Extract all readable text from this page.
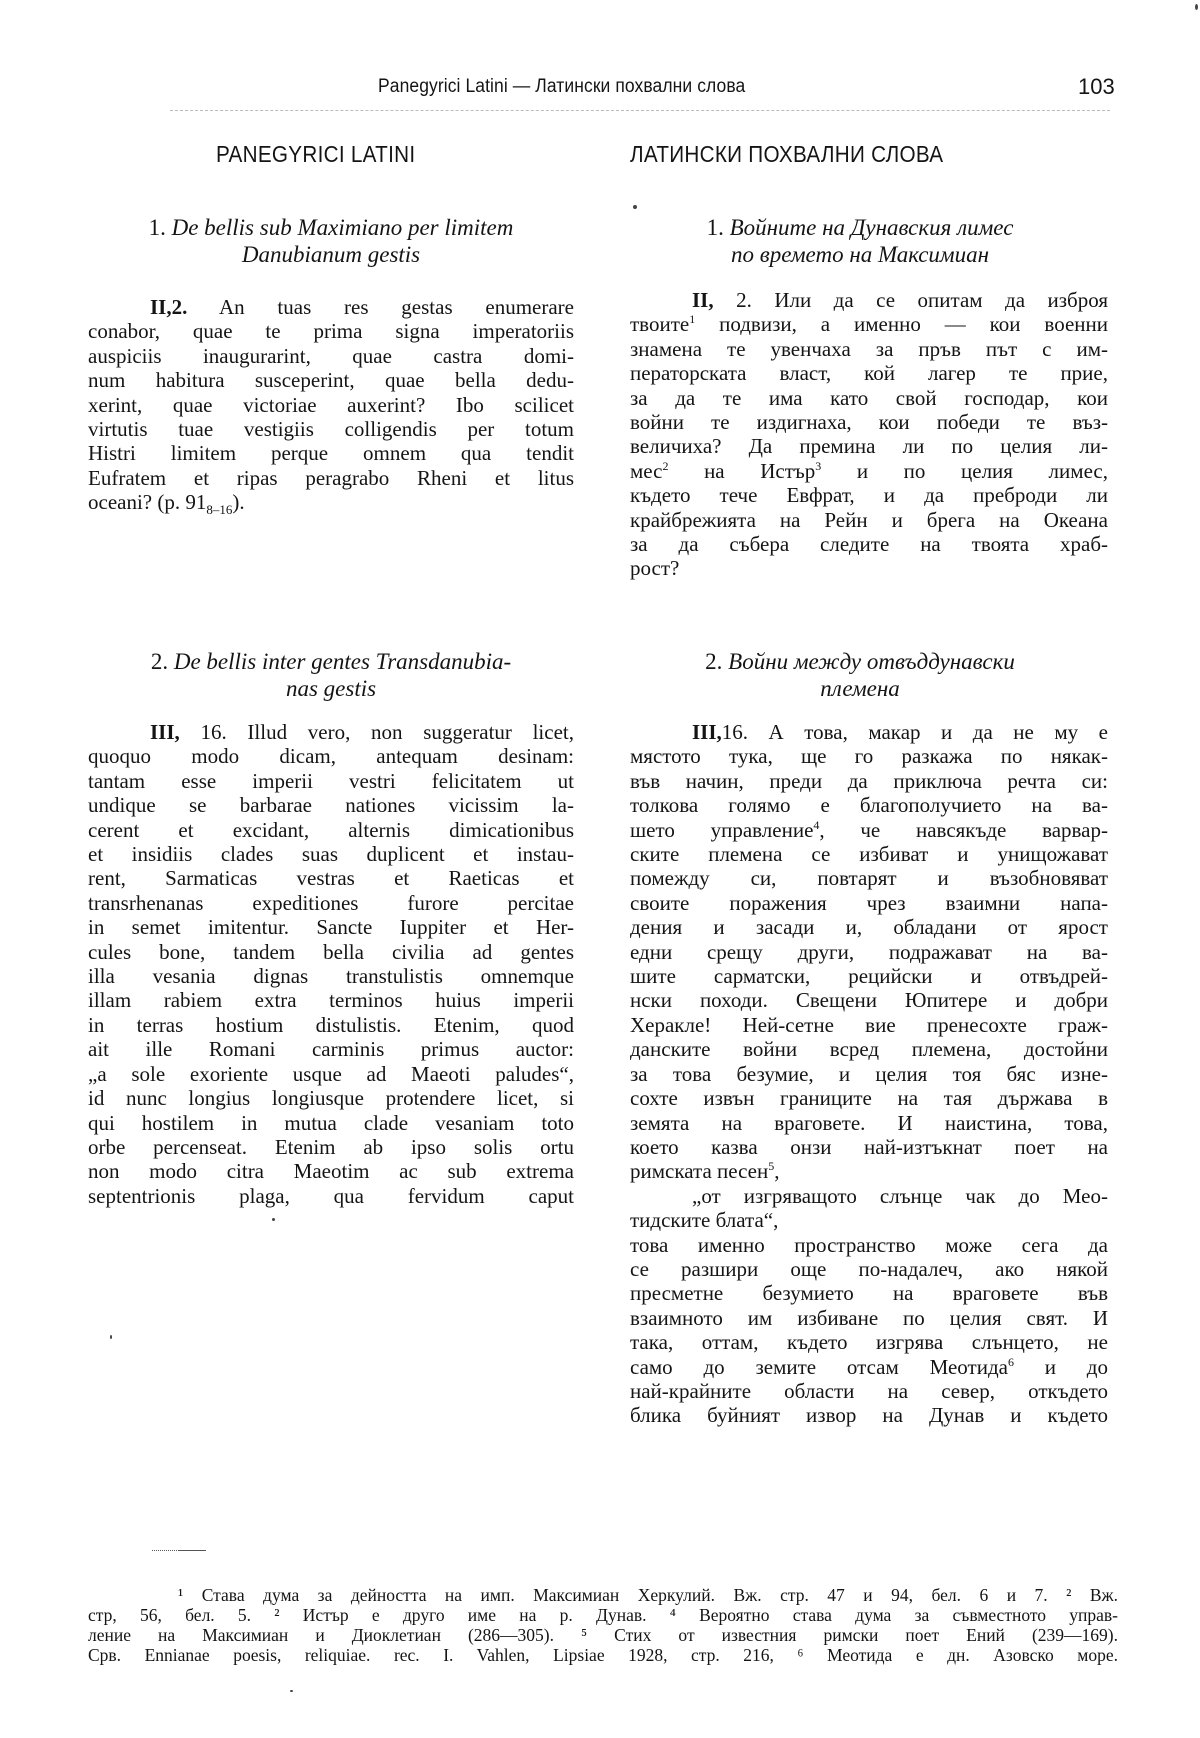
Panegyrici Latini — Латински похвални слова	103
PANEGYRICI LATINI
1. De bellis sub Maximiano per limitem
Danubianum gestis
II,2. An tuas res gestas enumerare
conabor, quae te prima signa imperatoriis
auspiciis inaugurarint, quae castra domi-
num habitura susceperint, quae bella dedu-
xerint, quae victoriae auxerint? Ibo scilicet
virtutis tuae vestigiis colligendis per totum
Histri limitem perque omnem qua tendit
Eufratem et ripas peragrabo Rheni et litus
oceani? (p. $91_{8-16}$).
2. De bellis inter gentes Transdanubia-
nas gestis
III, 16. Illud vero, non suggeratur licet,
quoquo modo dicam, antequam desinam:
tantam esse imperii vestri felicitatem ut
undique se barbarae nationes vicissim la-
cerent et excidant, alternis dimicationibus
et insidiis clades suas duplicent et instau-
rent, Sarmaticas vestras et Raeticas et
transrhenanas expeditiones furore percitae
in semet imitentur. Sancte Iuppiter et Her-
cules bone, tandem bella civilia ad gentes
illa vesania dignas transtulistis omnemque
illam rabiem extra terminos huius imperii
in terras hostium distulistis. Etenim, quod
ait ille Romani carminis primus auctor:
„a sole exoriente usque ad Maeoti paludes“,
id nunc longius longiusque protendere licet, si
qui hostilem in mutua clade vesaniam toto
orbe percenseat. Etenim ab ipso solis ortu
non modo citra Maeotim ac sub extrema
septentrionis plaga, qua fervidum caput
ЛАТИНСКИ ПОХВАЛНИ СЛОВА
1. Войните на Дунавския лимес
по времето на Максимиан
II, 2. Или да се опитам да изброя
твоите$^1$ подвизи, а именно — кои военни
знамена те увенчаха за пръв път с им-
ператорската власт, кой лагер те прие,
за да те има като свой господар, кои
войни те издигнаха, кои победи те въз-
величиха? Да премина ли по целия ли-
мес$^2$ на Истър$^3$ и по целия лимес,
където тече Евфрат, и да преброди ли
крайбрежията на Рейн и брега на Океана
за да събера следите на твоята храб-
рост?
2. Войни между отвъддунавски
племена
III,16. А това, макар и да не му е
мястото тука, ще го разкажа по някак-
във начин, преди да приключа речта си:
толкова голямо е благополучието на ва-
шето управление$^4$, че навсякъде варвар-
ските племена се избиват и унищожават
помежду си, повтарят и възобновяват
своите поражения чрез взаимни напа-
дения и засади и, обладани от ярост
едни срещу други, подражават на ва-
шите сарматски, рецийски и отвъдрей-
нски походи. Свещени Юпитере и добри
Херакле! Ней-сетне вие пренесохте граж-
данските войни всред племена, достойни
за това безумие, и целия тоя бяс изне-
сохте извън границите на тая държава в
земята на враговете. И наистина, това,
което казва онзи най-изтъкнат поет на
римската песен$^5$,
„от изгряващото слънце чак до Мео-
тидските блата“,
това именно пространство може сега да
се разшири още по-надалеч, ако някой
пресметне безумието на враговете във
взаимното им избиване по целия свят. И
така, оттам, където изгрява слънцето, не
само до земите отсам Меотида$^6$ и до
най-крайните области на север, откъдето
блика буйният извор на Дунав и където
¹ Става дума за дейността на имп. Максимиан Херкулий. Вж. стр. 47 и 94, бел. 6 и 7. ² Вж.
стр, 56, бел. 5. ² Истър е друго име на р. Дунав. ⁴ Вероятно става дума за съвместното управ-
ление на Максимиан и Диоклетиан (286—305). ⁵ Стих от известния римски поет Ений (239—169).
Срв. Ennianae poesis, reliquiae. rec. I. Vahlen, Lipsiae 1928, стр. 216, ⁶ Меотида е дн. Азовско море.
